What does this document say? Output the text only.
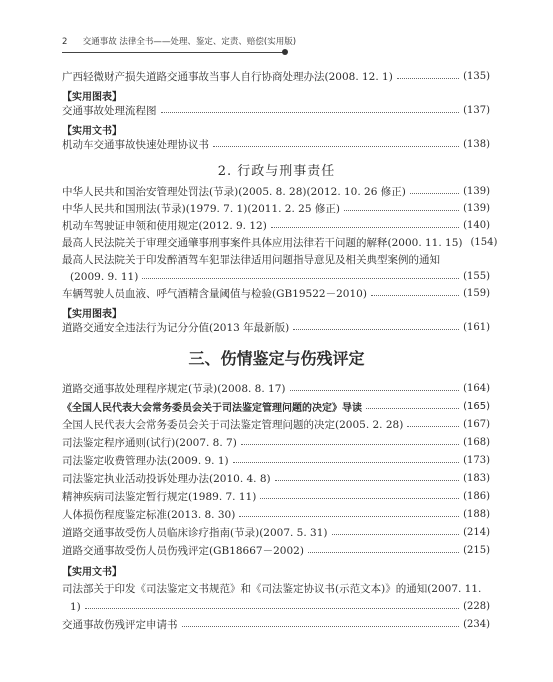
2 交通事故 法律全书——处理、鉴定、定责、赔偿(实用版)
广西轻微财产损失道路交通事故当事人自行协商处理办法(2008. 12. 1)	(135)
【实用图表】
交通事故处理流程图	(137)
【实用文书】
机动车交通事故快速处理协议书	(138)
2. 行政与刑事责任
中华人民共和国治安管理处罚法(节录)(2005. 8. 28)(2012. 10. 26 修正)	(139)
中华人民共和国刑法(节录)(1979. 7. 1)(2011. 2. 25 修正)	(139)
机动车驾驶证申领和使用规定(2012. 9. 12)	(140)
最高人民法院关于审理交通肇事刑事案件具体应用法律若干问题的解释(2000. 11. 15) (154)
最高人民法院关于印发醉酒驾车犯罪法律适用问题指导意见及相关典型案例的通知
(2009. 9. 11)	(155)
车辆驾驶人员血液、呼气酒精含量阈值与检验(GB19522－2010)	(159)
【实用图表】
道路交通安全违法行为记分分值(2013 年最新版)	(161)
三、伤情鉴定与伤残评定
道路交通事故处理程序规定(节录)(2008. 8. 17)	(164)
《全国人民代表大会常务委员会关于司法鉴定管理问题的决定》导读	(165)
全国人民代表大会常务委员会关于司法鉴定管理问题的决定(2005. 2. 28)	(167)
司法鉴定程序通则(试行)(2007. 8. 7)	(168)
司法鉴定收费管理办法(2009. 9. 1)	(173)
司法鉴定执业活动投诉处理办法(2010. 4. 8)	(183)
精神疾病司法鉴定暂行规定(1989. 7. 11)	(186)
人体损伤程度鉴定标准(2013. 8. 30)	(188)
道路交通事故受伤人员临床诊疗指南(节录)(2007. 5. 31)	(214)
道路交通事故受伤人员伤残评定(GB18667－2002)	(215)
【实用文书】
司法部关于印发《司法鉴定文书规范》和《司法鉴定协议书(示范文本)》的通知(2007. 11.
1)	(228)
交通事故伤残评定申请书	(234)
